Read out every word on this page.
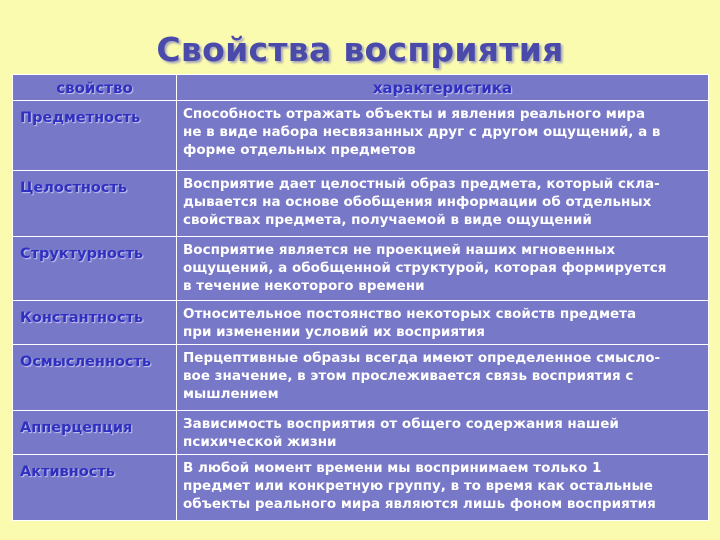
Свойства восприятия
свойство	характеристика
Предметность	Способность отражать объекты и явления реального мира
не в виде набора несвязанных друг с другом ощущений, а в
форме отдельных предметов

Целостность	Восприятие дает целостный образ предмета, который скла-
дывается на основе обобщения информации об отдельных
свойствах предмета, получаемой в виде ощущений

Структурность	Восприятие является не проекцией наших мгновенных
ощущений, а обобщенной структурой, которая формируется
в течение некоторого времени

Константность	Относительное постоянство некоторых свойств предмета
при изменении условий их восприятия

Осмысленность	Перцептивные образы всегда имеют определенное смысло-
вое значение, в этом прослеживается связь восприятия с
мышлением

Апперцепция	Зависимость восприятия от общего содержания нашей
психической жизни

Активность	В любой момент времени мы воспринимаем только 1
предмет или конкретную группу, в то время как остальные
объекты реального мира являются лишь фоном восприятия
